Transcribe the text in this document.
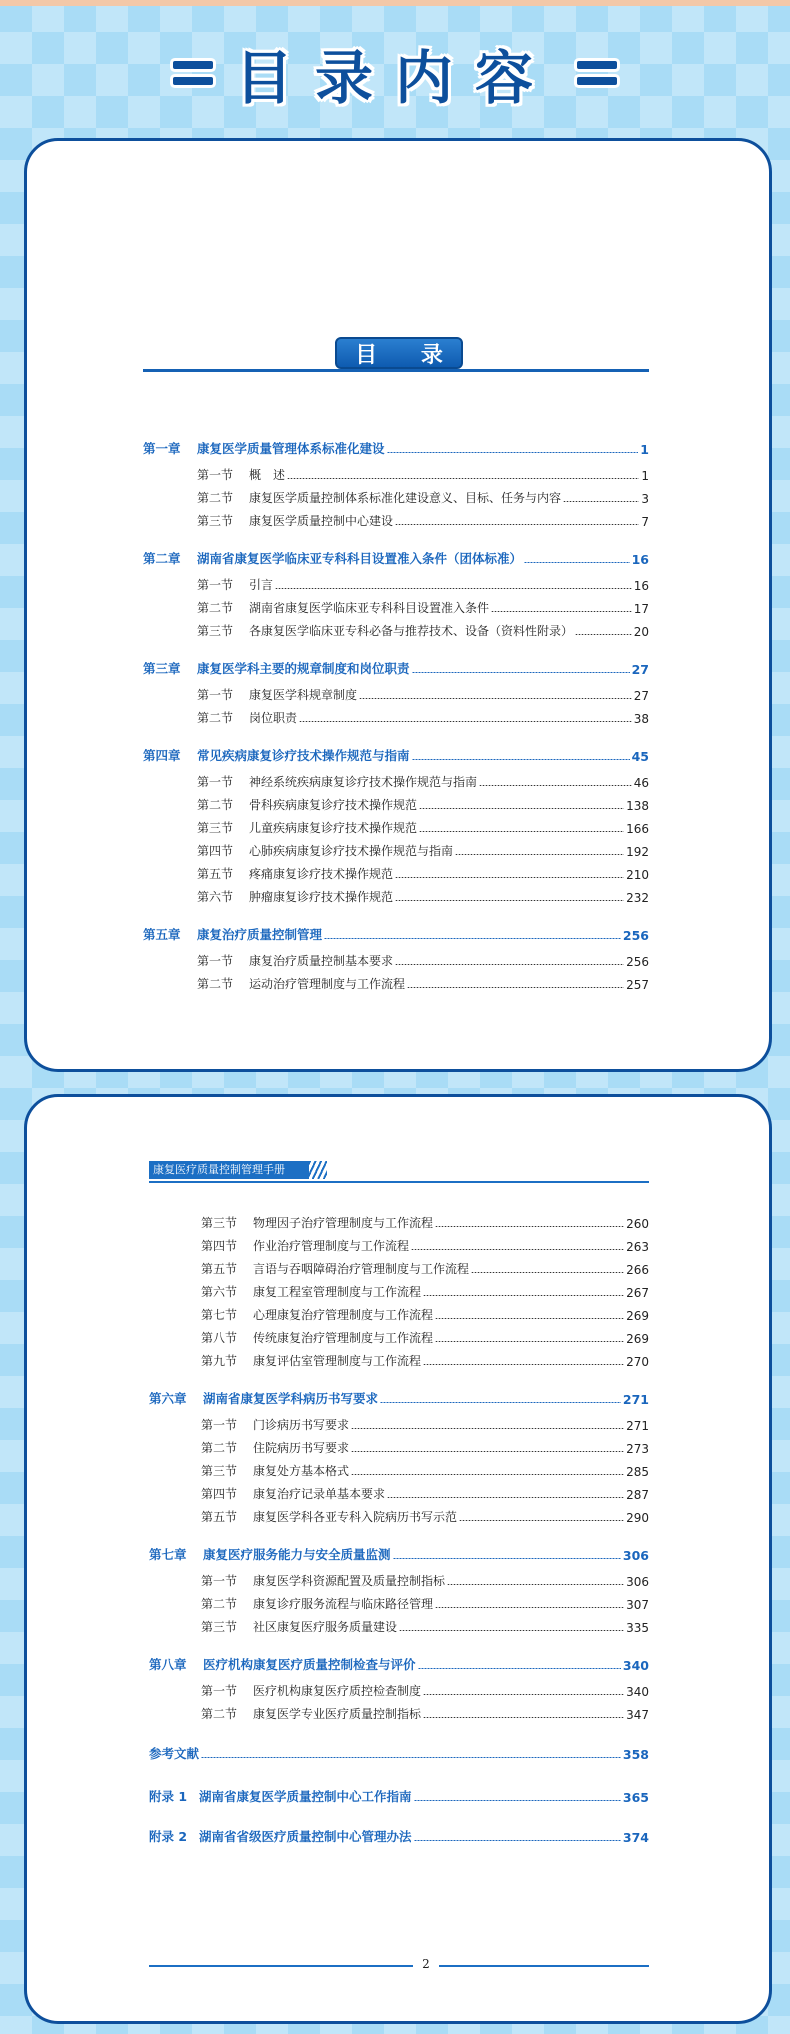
目录内容
目 录
第一章 康复医学质量管理体系标准化建设	1
第一节 概　述	1
第二节 康复医学质量控制体系标准化建设意义、目标、任务与内容	3
第三节 康复医学质量控制中心建设	7
第二章 湖南省康复医学临床亚专科科目设置准入条件（团体标准）	16
第一节 引言	16
第二节 湖南省康复医学临床亚专科科目设置准入条件	17
第三节 各康复医学临床亚专科必备与推荐技术、设备（资料性附录）	20
第三章 康复医学科主要的规章制度和岗位职责	27
第一节 康复医学科规章制度	27
第二节 岗位职责	38
第四章 常见疾病康复诊疗技术操作规范与指南	45
第一节 神经系统疾病康复诊疗技术操作规范与指南	46
第二节 骨科疾病康复诊疗技术操作规范	138
第三节 儿童疾病康复诊疗技术操作规范	166
第四节 心肺疾病康复诊疗技术操作规范与指南	192
第五节 疼痛康复诊疗技术操作规范	210
第六节 肿瘤康复诊疗技术操作规范	232
第五章 康复治疗质量控制管理	256
第一节 康复治疗质量控制基本要求	256
第二节 运动治疗管理制度与工作流程	257
康复医疗质量控制管理手册
第三节 物理因子治疗管理制度与工作流程	260
第四节 作业治疗管理制度与工作流程	263
第五节 言语与吞咽障碍治疗管理制度与工作流程	266
第六节 康复工程室管理制度与工作流程	267
第七节 心理康复治疗管理制度与工作流程	269
第八节 传统康复治疗管理制度与工作流程	269
第九节 康复评估室管理制度与工作流程	270
第六章 湖南省康复医学科病历书写要求	271
第一节 门诊病历书写要求	271
第二节 住院病历书写要求	273
第三节 康复处方基本格式	285
第四节 康复治疗记录单基本要求	287
第五节 康复医学科各亚专科入院病历书写示范	290
第七章 康复医疗服务能力与安全质量监测	306
第一节 康复医学科资源配置及质量控制指标	306
第二节 康复诊疗服务流程与临床路径管理	307
第三节 社区康复医疗服务质量建设	335
第八章 医疗机构康复医疗质量控制检查与评价	340
第一节 医疗机构康复医疗质控检查制度	340
第二节 康复医学专业医疗质量控制指标	347
参考文献	358
附录 1 湖南省康复医学质量控制中心工作指南	365
附录 2 湖南省省级医疗质量控制中心管理办法	374
2
